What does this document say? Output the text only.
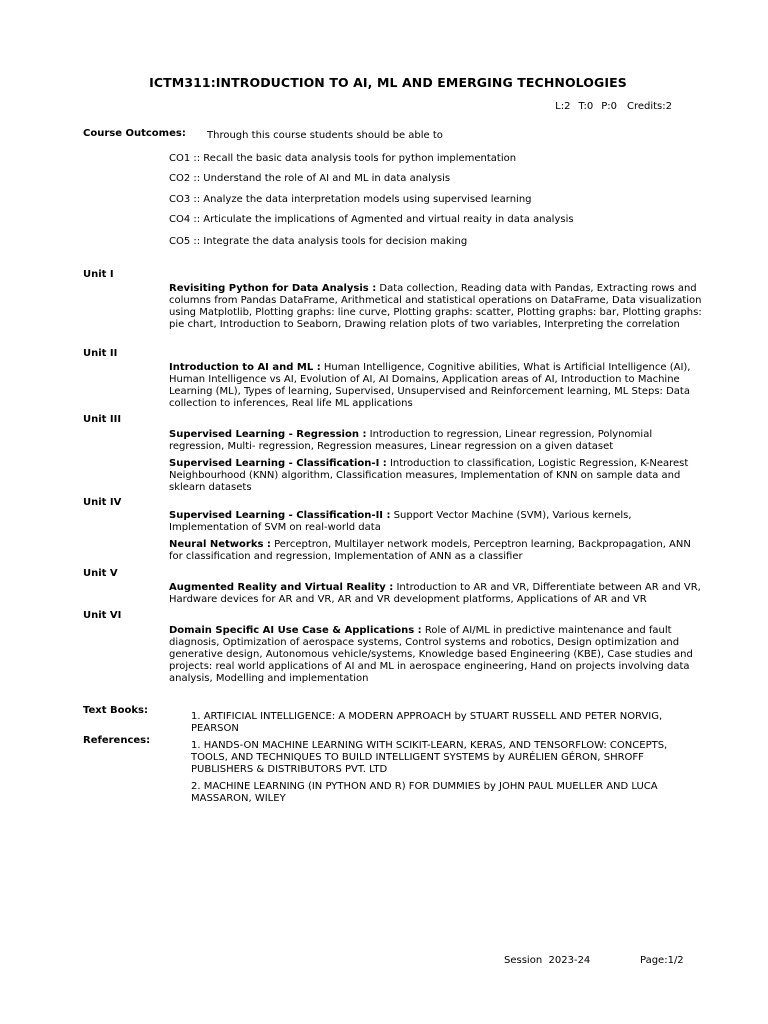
ICTM311:INTRODUCTION TO AI, ML AND EMERGING TECHNOLOGIES
L:2 T:0 P:0 Credits:2
Course Outcomes: Through this course students should be able to
CO1 :: Recall the basic data analysis tools for python implementation
CO2 :: Understand the role of AI and ML in data analysis
CO3 :: Analyze the data interpretation models using supervised learning
CO4 :: Articulate the implications of Agmented and virtual reaity in data analysis
CO5 :: Integrate the data analysis tools for decision making
Unit I

Revisiting Python for Data Analysis : Data collection, Reading data with Pandas, Extracting rows and columns from Pandas DataFrame, Arithmetical and statistical operations on DataFrame, Data visualization using Matplotlib, Plotting graphs: line curve, Plotting graphs: scatter, Plotting graphs: bar, Plotting graphs: pie chart, Introduction to Seaborn, Drawing relation plots of two variables, Interpreting the correlation

Unit II

Introduction to AI and ML : Human Intelligence, Cognitive abilities, What is Artificial Intelligence (AI), Human Intelligence vs AI, Evolution of AI, AI Domains, Application areas of AI, Introduction to Machine Learning (ML), Types of learning, Supervised, Unsupervised and Reinforcement learning, ML Steps: Data collection to inferences, Real life ML applications

Unit III

Supervised Learning - Regression : Introduction to regression, Linear regression, Polynomial regression, Multi- regression, Regression measures, Linear regression on a given dataset

Supervised Learning - Classification-I : Introduction to classification, Logistic Regression, K-Nearest Neighbourhood (KNN) algorithm, Classification measures, Implementation of KNN on sample data and sklearn datasets

Unit IV

Supervised Learning - Classification-II : Support Vector Machine (SVM), Various kernels, Implementation of SVM on real-world data

Neural Networks : Perceptron, Multilayer network models, Perceptron learning, Backpropagation, ANN for classification and regression, Implementation of ANN as a classifier

Unit V

Augmented Reality and Virtual Reality : Introduction to AR and VR, Differentiate between AR and VR, Hardware devices for AR and VR, AR and VR development platforms, Applications of AR and VR

Unit VI

Domain Specific AI Use Case & Applications : Role of AI/ML in predictive maintenance and fault diagnosis, Optimization of aerospace systems, Control systems and robotics, Design optimization and generative design, Autonomous vehicle/systems, Knowledge based Engineering (KBE), Case studies and projects: real world applications of AI and ML in aerospace engineering, Hand on projects involving data analysis, Modelling and implementation

Text Books:
1. ARTIFICIAL INTELLIGENCE: A MODERN APPROACH by STUART RUSSELL AND PETER NORVIG, PEARSON
References:	1. HANDS-ON MACHINE LEARNING WITH SCIKIT-LEARN, KERAS, AND TENSORFLOW: CONCEPTS, TOOLS, AND TECHNIQUES TO BUILD INTELLIGENT SYSTEMS by AURÉLIEN GÉRON, SHROFF PUBLISHERS & DISTRIBUTORS PVT. LTD
2. MACHINE LEARNING (IN PYTHON AND R) FOR DUMMIES by JOHN PAUL MUELLER AND LUCA MASSARON, WILEY
Session  2023-24	Page:1/2
